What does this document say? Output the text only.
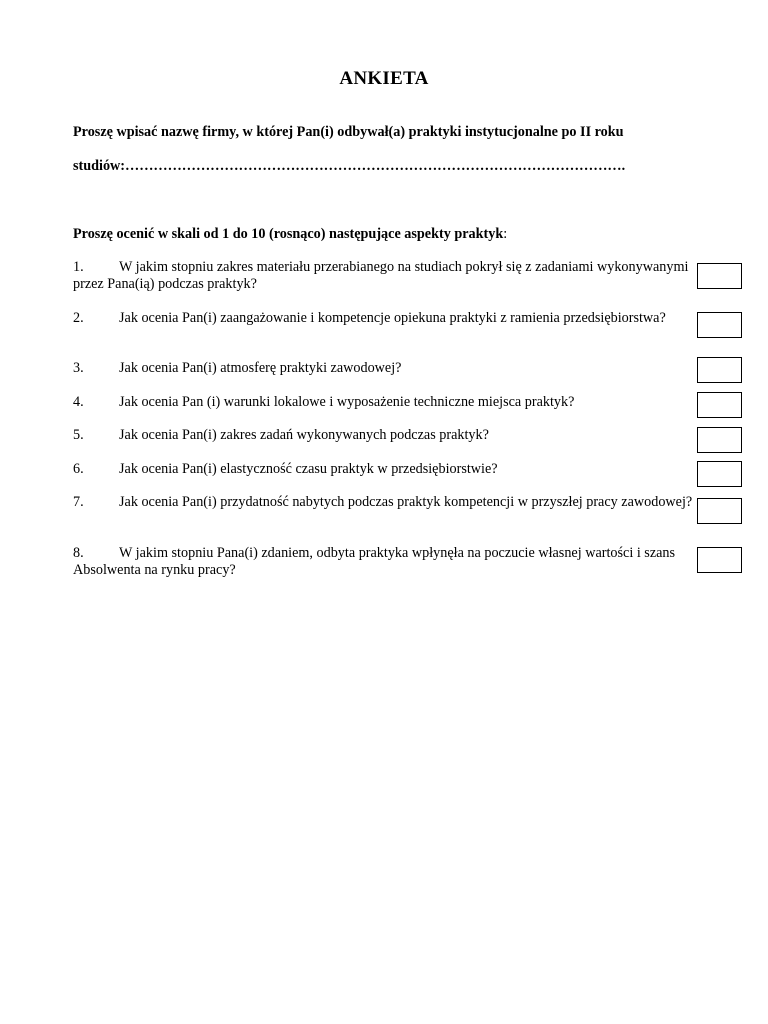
ANKIETA
Proszę wpisać nazwę firmy, w której Pan(i) odbywał(a) praktyki instytucjonalne po II roku
studiów:…………………………………………………………………………………………….
Proszę ocenić w skali od 1 do 10 (rosnąco) następujące aspekty praktyk:
1. W jakim stopniu zakres materiału przerabianego na studiach pokrył się z zadaniami wykonywanymi przez Pana(ią) podczas praktyk?
2. Jak ocenia Pan(i) zaangażowanie i kompetencje opiekuna praktyki z ramienia przedsiębiorstwa?
3. Jak ocenia Pan(i) atmosferę praktyki zawodowej?
4. Jak ocenia Pan (i) warunki lokalowe i wyposażenie techniczne miejsca praktyk?
5. Jak ocenia Pan(i) zakres zadań wykonywanych podczas praktyk?
6. Jak ocenia Pan(i) elastyczność czasu praktyk w przedsiębiorstwie?
7. Jak ocenia Pan(i) przydatność nabytych podczas praktyk kompetencji w przyszłej pracy zawodowej?
8. W jakim stopniu Pana(i) zdaniem, odbyta praktyka wpłynęła na poczucie własnej wartości i szans Absolwenta na rynku pracy?
